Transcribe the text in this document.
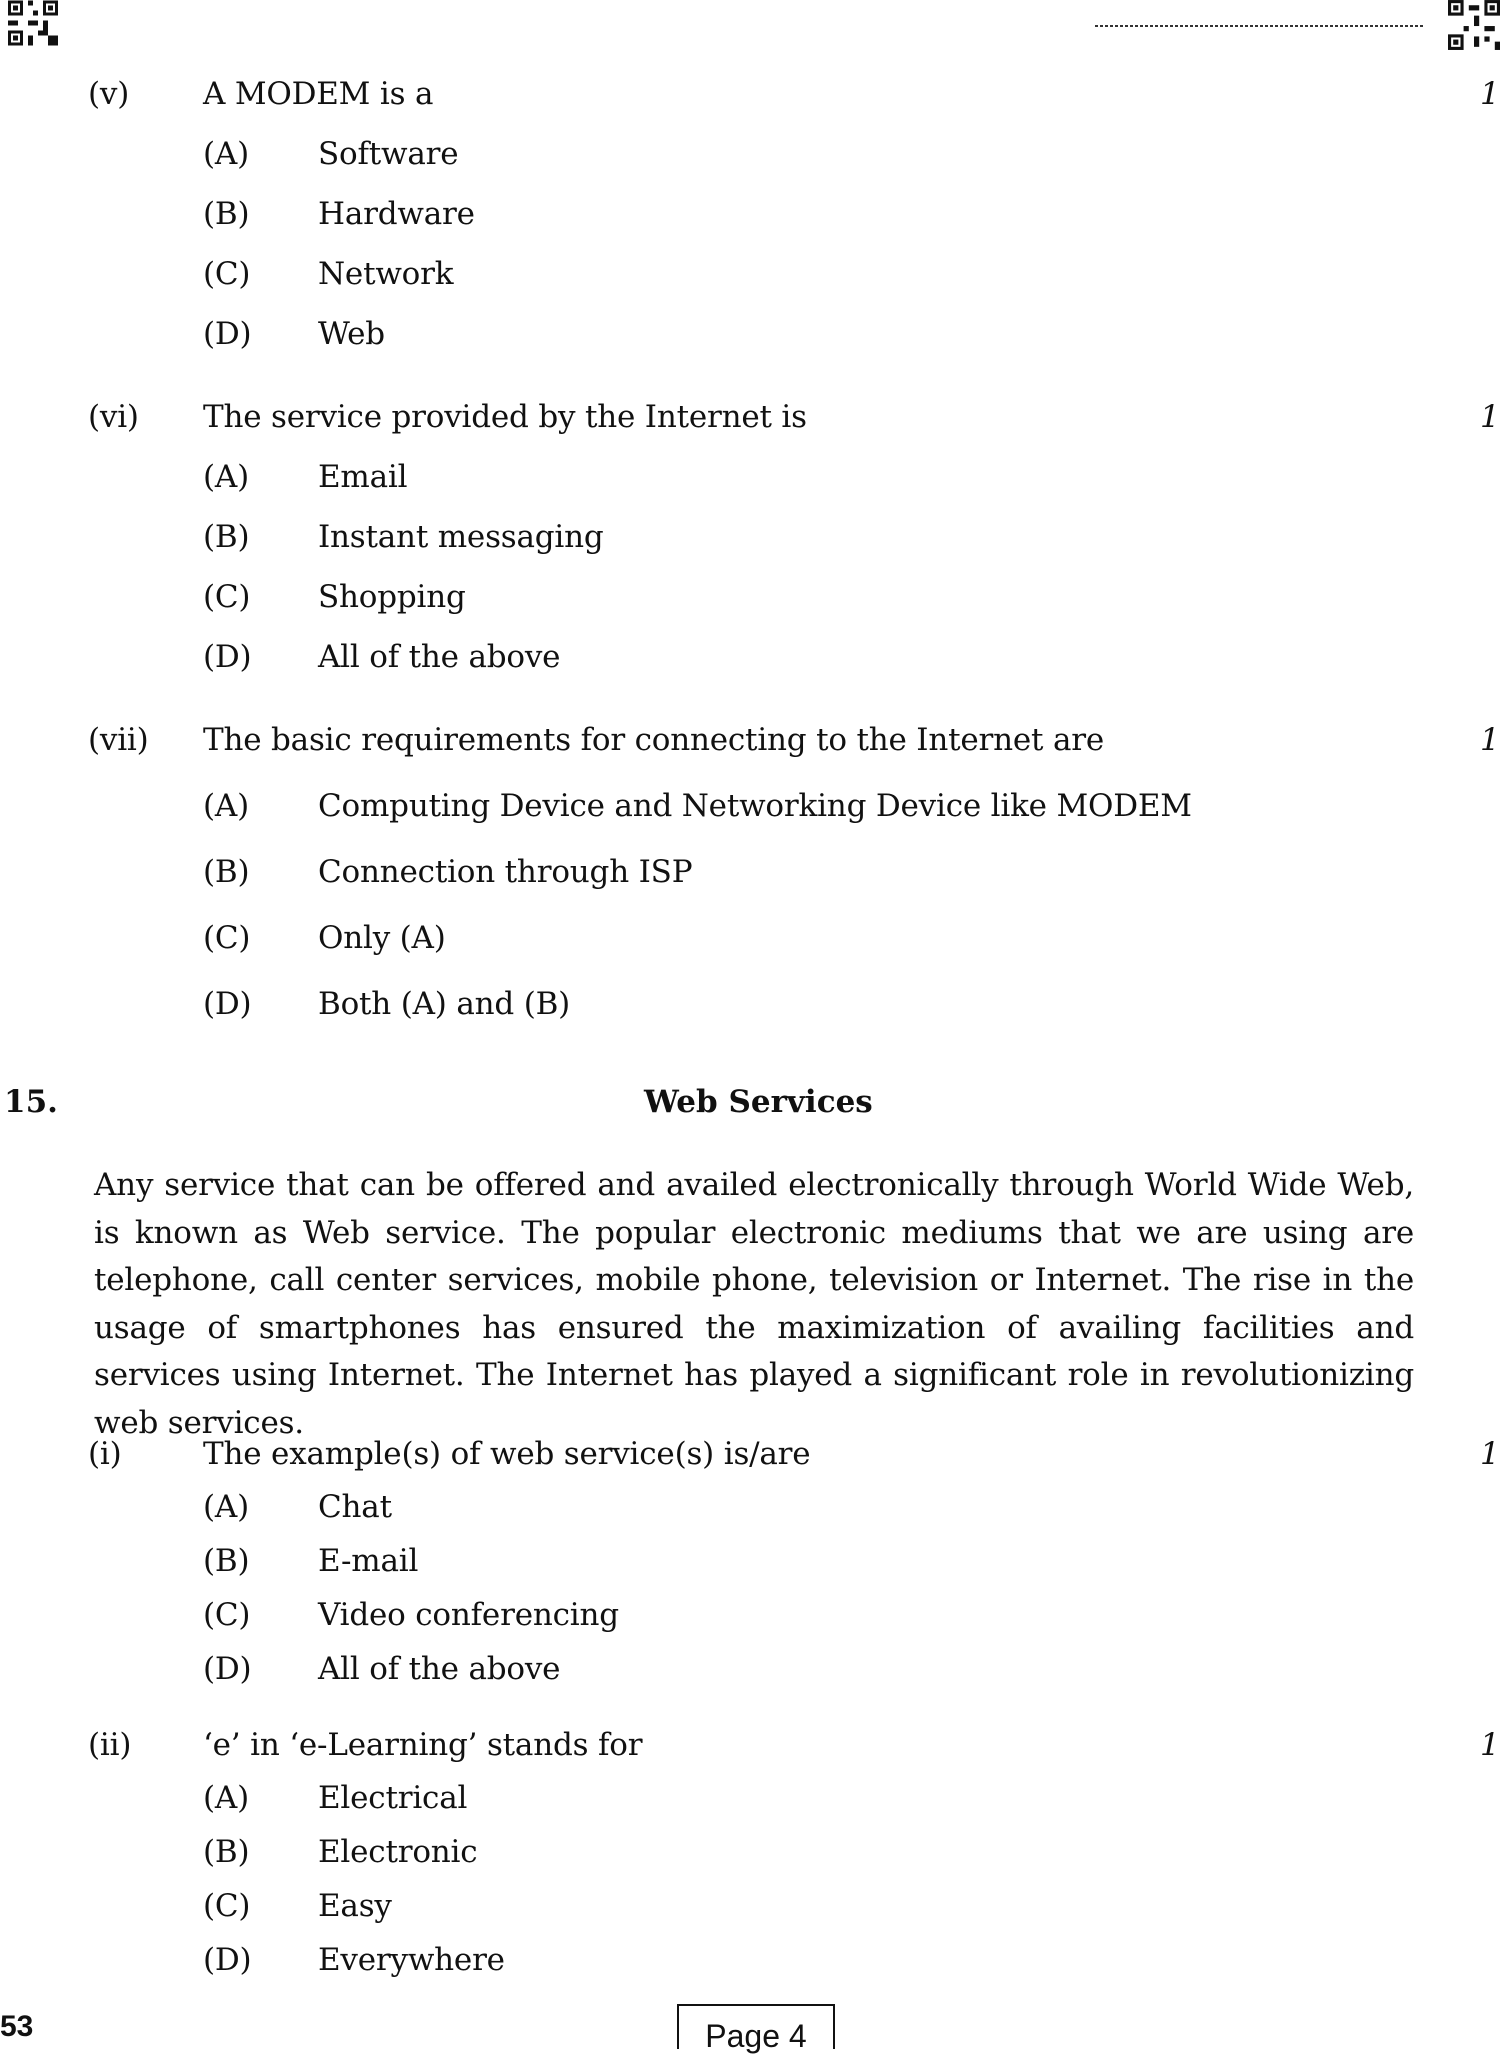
(v) A MODEM is a	1
(A) Software
(B) Hardware
(C) Network
(D) Web
(vi) The service provided by the Internet is	1
(A) Email
(B) Instant messaging
(C) Shopping
(D) All of the above
(vii) The basic requirements for connecting to the Internet are	1
(A) Computing Device and Networking Device like MODEM
(B) Connection through ISP
(C) Only (A)
(D) Both (A) and (B)
15.	Web Services
Any service that can be offered and availed electronically through World Wide Web, is known as Web service. The popular electronic mediums that we are using are telephone, call center services, mobile phone, television or Internet. The rise in the usage of smartphones has ensured the maximization of availing facilities and services using Internet. The Internet has played a significant role in revolutionizing web services.
(i)	The example(s) of web service(s) is/are	1
(A) Chat
(B) E-mail
(C) Video conferencing
(D) All of the above
(ii) ‘e’ in ‘e-Learning’ stands for	1
(A) Electrical
(B) Electronic
(C) Easy
(D) Everywhere
53	Page 4
